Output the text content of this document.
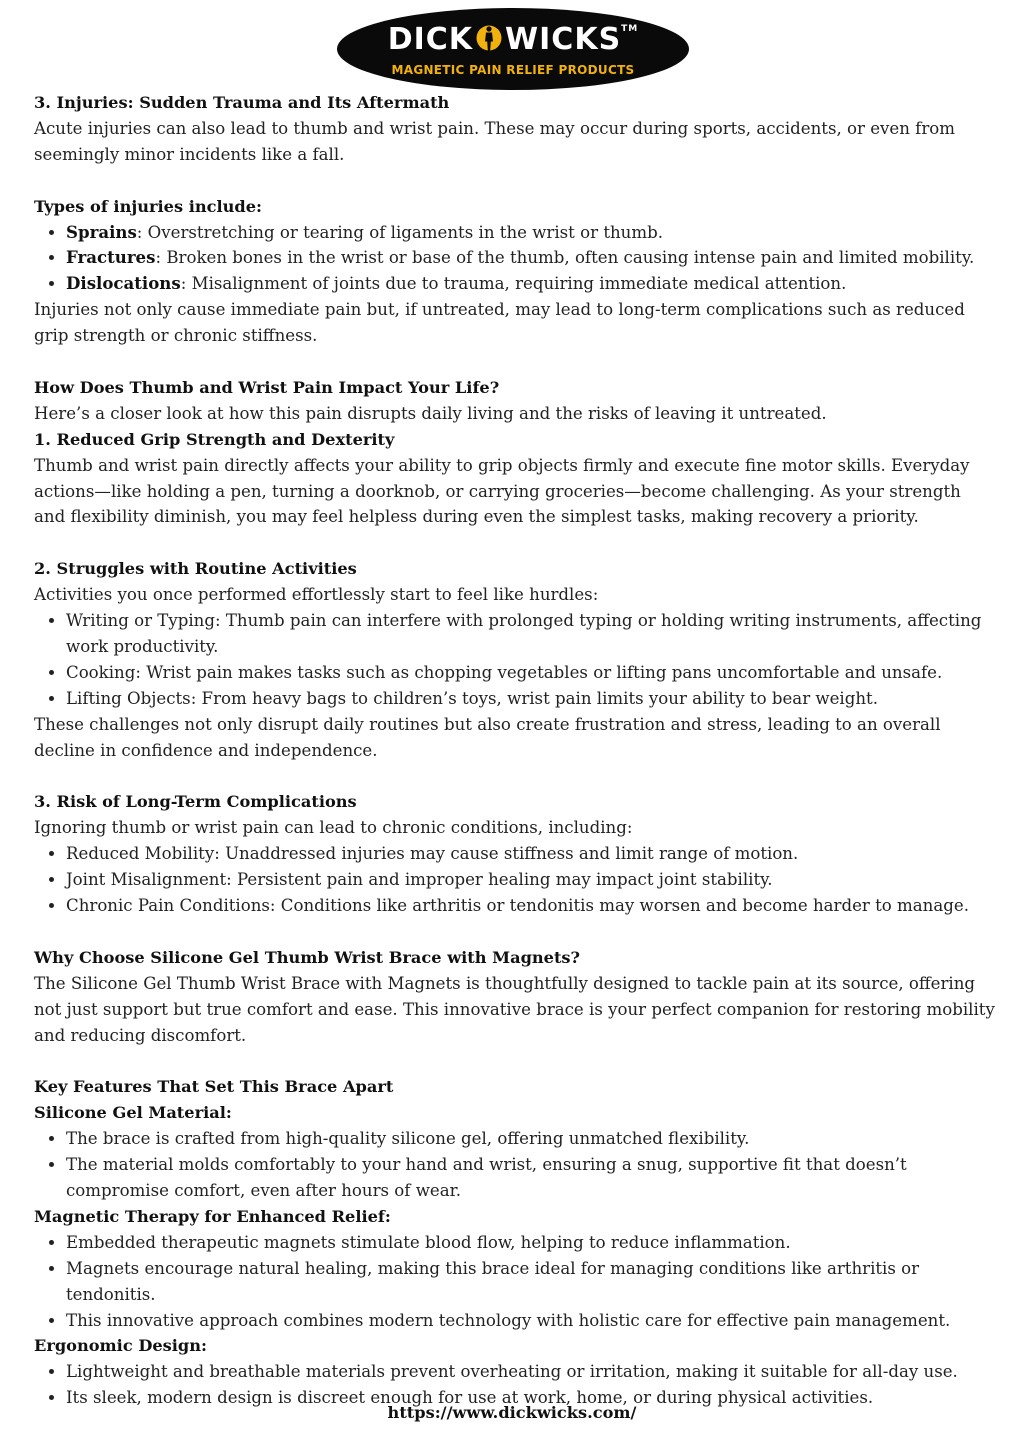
DICK WICKS™
MAGNETIC PAIN RELIEF PRODUCTS

3. Injuries: Sudden Trauma and Its Aftermath

Acute injuries can also lead to thumb and wrist pain. These may occur during sports, accidents, or even from seemingly minor incidents like a fall.

Types of injuries include:

• Sprains: Overstretching or tearing of ligaments in the wrist or thumb.
• Fractures: Broken bones in the wrist or base of the thumb, often causing intense pain and limited mobility.
• Dislocations: Misalignment of joints due to trauma, requiring immediate medical attention.

Injuries not only cause immediate pain but, if untreated, may lead to long-term complications such as reduced grip strength or chronic stiffness.

How Does Thumb and Wrist Pain Impact Your Life?

Here’s a closer look at how this pain disrupts daily living and the risks of leaving it untreated.

1. Reduced Grip Strength and Dexterity

Thumb and wrist pain directly affects your ability to grip objects firmly and execute fine motor skills. Everyday actions—like holding a pen, turning a doorknob, or carrying groceries—become challenging. As your strength and flexibility diminish, you may feel helpless during even the simplest tasks, making recovery a priority.

2. Struggles with Routine Activities

Activities you once performed effortlessly start to feel like hurdles:

• Writing or Typing: Thumb pain can interfere with prolonged typing or holding writing instruments, affecting work productivity.
• Cooking: Wrist pain makes tasks such as chopping vegetables or lifting pans uncomfortable and unsafe.
• Lifting Objects: From heavy bags to children’s toys, wrist pain limits your ability to bear weight.

These challenges not only disrupt daily routines but also create frustration and stress, leading to an overall decline in confidence and independence.

3. Risk of Long-Term Complications

Ignoring thumb or wrist pain can lead to chronic conditions, including:

• Reduced Mobility: Unaddressed injuries may cause stiffness and limit range of motion.
• Joint Misalignment: Persistent pain and improper healing may impact joint stability.
• Chronic Pain Conditions: Conditions like arthritis or tendonitis may worsen and become harder to manage.

Why Choose Silicone Gel Thumb Wrist Brace with Magnets?

The Silicone Gel Thumb Wrist Brace with Magnets is thoughtfully designed to tackle pain at its source, offering not just support but true comfort and ease. This innovative brace is your perfect companion for restoring mobility and reducing discomfort.

Key Features That Set This Brace Apart

Silicone Gel Material:

• The brace is crafted from high-quality silicone gel, offering unmatched flexibility.
• The material molds comfortably to your hand and wrist, ensuring a snug, supportive fit that doesn’t compromise comfort, even after hours of wear.

Magnetic Therapy for Enhanced Relief:

• Embedded therapeutic magnets stimulate blood flow, helping to reduce inflammation.
• Magnets encourage natural healing, making this brace ideal for managing conditions like arthritis or tendonitis.
• This innovative approach combines modern technology with holistic care for effective pain management.

Ergonomic Design:

• Lightweight and breathable materials prevent overheating or irritation, making it suitable for all-day use.
• Its sleek, modern design is discreet enough for use at work, home, or during physical activities.
https://www.dickwicks.com/
